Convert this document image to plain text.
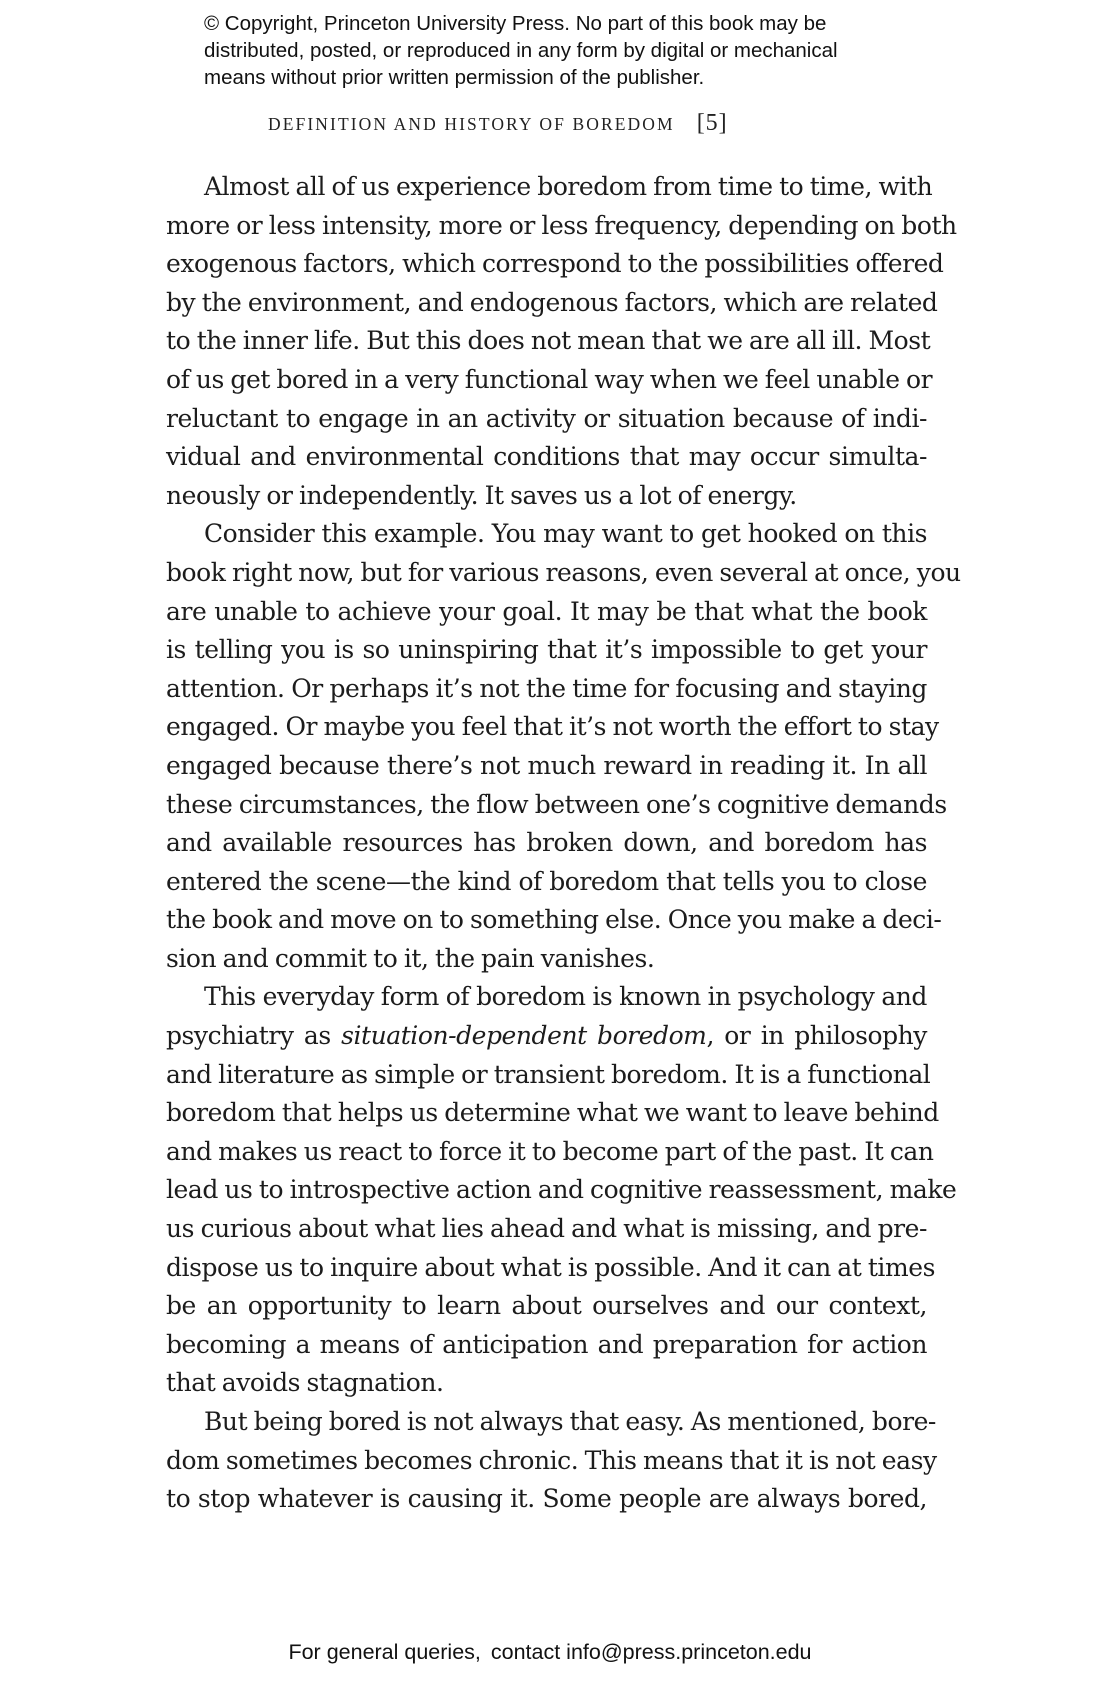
© Copyright, Princeton University Press. No part of this book may be
distributed, posted, or reproduced in any form by digital or mechanical
means without prior written permission of the publisher.
DEFINITION AND HISTORY OF BOREDOM [5]
Almost all of us experience boredom from time to time, with
more or less intensity, more or less frequency, depending on both
exogenous factors, which correspond to the possibilities offered
by the environment, and endogenous factors, which are related
to the inner life. But this does not mean that we are all ill. Most
of us get bored in a very functional way when we feel unable or
reluctant to engage in an activity or situation because of indi-
vidual and environmental conditions that may occur simulta-
neously or independently. It saves us a lot of energy.
Consider this example. You may want to get hooked on this
book right now, but for various reasons, even several at once, you
are unable to achieve your goal. It may be that what the book
is telling you is so uninspiring that it’s impossible to get your
attention. Or perhaps it’s not the time for focusing and staying
engaged. Or maybe you feel that it’s not worth the effort to stay
engaged because there’s not much reward in reading it. In all
these circumstances, the flow between one’s cognitive demands
and available resources has broken down, and boredom has
entered the scene—the kind of boredom that tells you to close
the book and move on to something else. Once you make a deci-
sion and commit to it, the pain vanishes.
This everyday form of boredom is known in psychology and
psychiatry as situation-dependent boredom, or in philosophy
and literature as simple or transient boredom. It is a functional
boredom that helps us determine what we want to leave behind
and makes us react to force it to become part of the past. It can
lead us to introspective action and cognitive reassessment, make
us curious about what lies ahead and what is missing, and pre-
dispose us to inquire about what is possible. And it can at times
be an opportunity to learn about ourselves and our context,
becoming a means of anticipation and preparation for action
that avoids stagnation.
But being bored is not always that easy. As mentioned, bore-
dom sometimes becomes chronic. This means that it is not easy
to stop whatever is causing it. Some people are always bored,
For general queries, contact info@press.princeton.edu
